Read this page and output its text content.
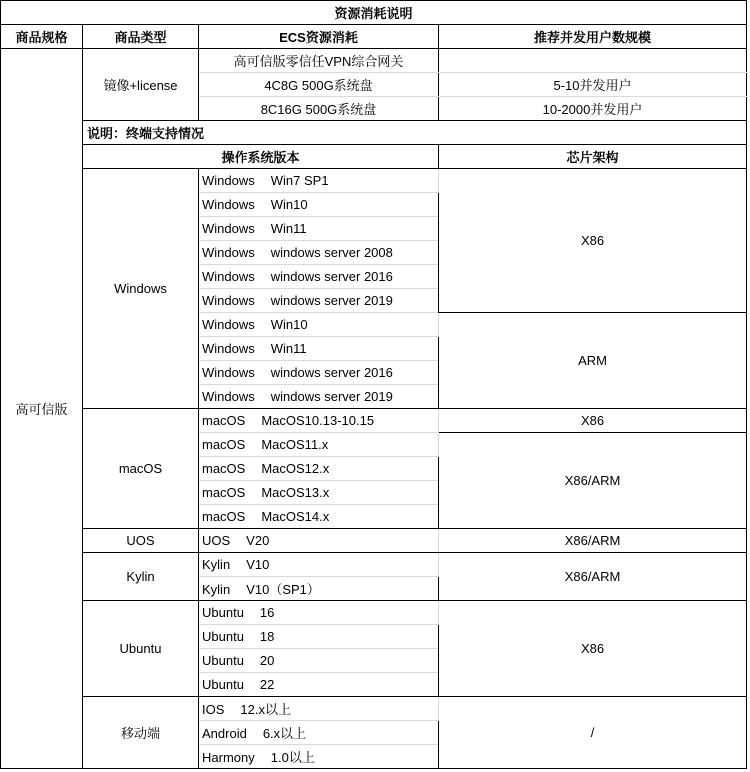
资源消耗说明			
商品规格	商品类型	ECS资源消耗	推荐并发用户数规模
高可信版	镜像+license	高可信版零信任VPN综合网关	
		4C8G 500G系统盘	5-10并发用户
		8C16G 500G系统盘	10-2000并发用户
	说明：终端支持情况		
	操作系统版本		芯片架构
	Windows	Windows Win7 SP1	X86
		Windows Win10	
		Windows Win11	
		Windows windows server 2008	
		Windows windows server 2016	
		Windows windows server 2019	
		Windows Win10	ARM
		Windows Win11	
		Windows windows server 2016	
		Windows windows server 2019	
	macOS	macOS MacOS10.13-10.15	X86
		macOS MacOS11.x	X86/ARM
		macOS MacOS12.x	
		macOS MacOS13.x	
		macOS MacOS14.x	
	UOS	UOS V20	X86/ARM
	Kylin	Kylin V10	X86/ARM
		Kylin V10（SP1）	
	Ubuntu	Ubuntu 16	X86
		Ubuntu 18	
		Ubuntu 20	
		Ubuntu 22	
	移动端	IOS 12.x以上	/
		Android 6.x以上	
		Harmony 1.0以上	
